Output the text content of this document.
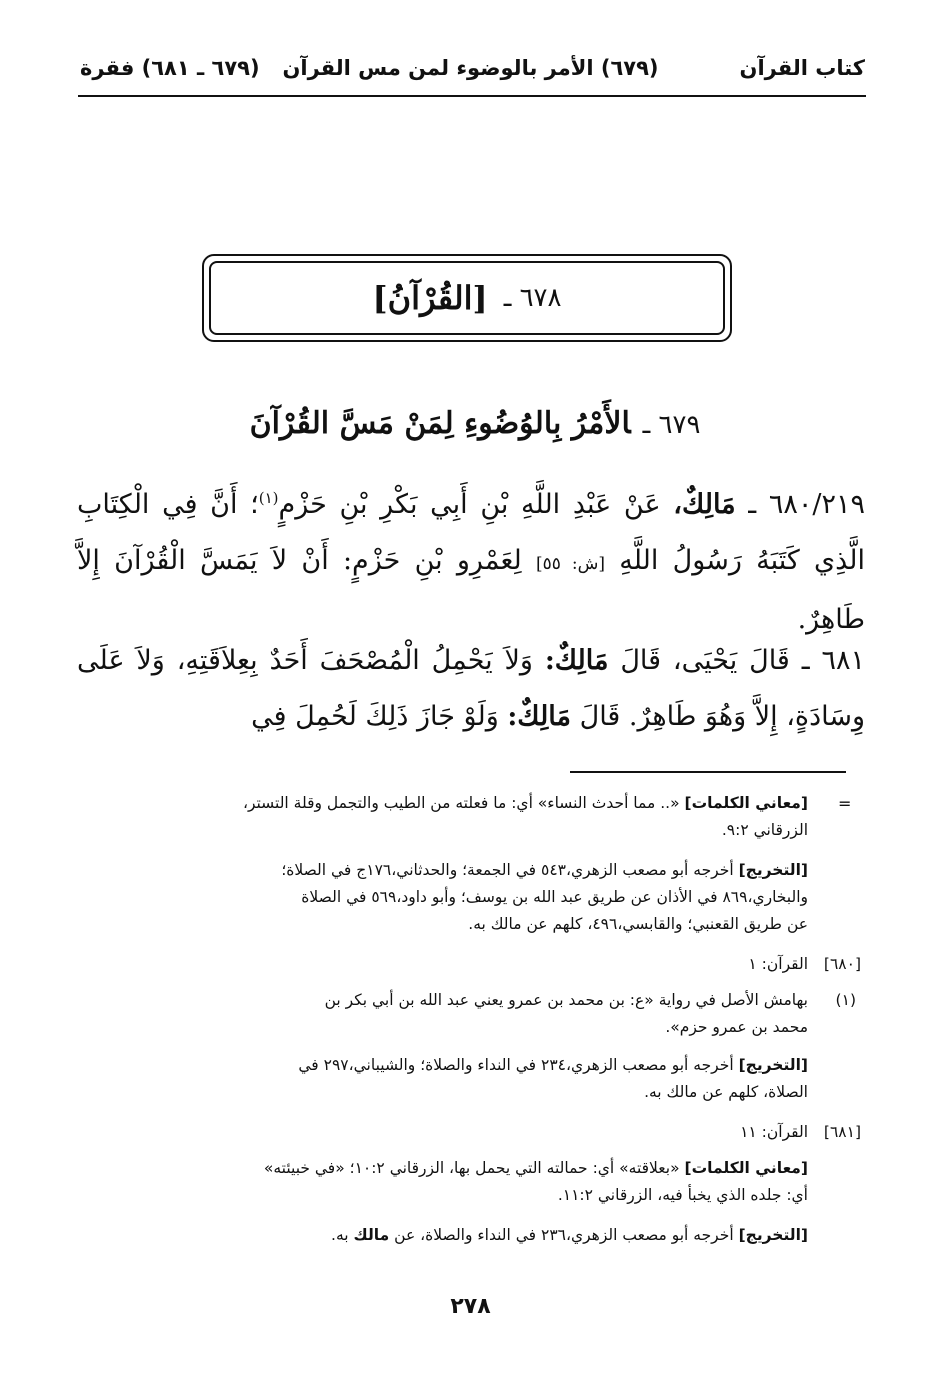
كتاب القرآن
(٦٧٩) الأمر بالوضوء لمن مس القرآن
(٦٧٩ ـ ٦٨١) فقرة
٦٧٨ ـ
[القُرْآنُ]
٦٧٩ ـالأَمْرُ بِالوُضُوءِ لِمَنْ مَسَّ القُرْآنَ
٦٨٠/٢١٩ ـ مَالِكٌ، عَنْ عَبْدِ اللَّهِ بْنِ أَبِي بَكْرِ بْنِ حَزْمٍ$^{(١)}$؛ أَنَّ فِي الْكِتَابِ الَّذِي كَتَبَهُ رَسُولُ اللَّهِ [ش: ٥٥] لِعَمْرِو بْنِ حَزْمٍ: أَنْ لاَ يَمَسَّ الْقُرْآنَ إِلاَّ طَاهِرٌ.
٦٨١ ـ قَالَ يَحْيَى، قَالَ مَالِكٌ: وَلاَ يَحْمِلُ الْمُصْحَفَ أَحَدٌ بِعِلاَقَتِهِ، وَلاَ عَلَى وِسَادَةٍ، إِلاَّ وَهُوَ طَاهِرٌ. قَالَ مَالِكٌ: وَلَوْ جَازَ ذَلِكَ لَحُمِلَ فِي
=
[معاني الكلمات] «.. مما أحدث النساء» أي: ما فعلته من الطيب والتجمل وقلة التستر،
الزرقاني ٩:٢.
[التخريج] أخرجه أبو مصعب الزهري،٥٤٣ في الجمعة؛ والحدثاني،١٧٦ج في الصلاة؛
والبخاري،٨٦٩ في الأذان عن طريق عبد الله بن يوسف؛ وأبو داود،٥٦٩ في الصلاة
عن طريق القعنبي؛ والقابسي،٤٩٦، كلهم عن مالك به.
[٦٨٠]
القرآن: ١
(١)
بهامش الأصل في رواية «ع: بن محمد بن عمرو يعني عبد الله بن أبي بكر بن
محمد بن عمرو حزم».
[التخريج] أخرجه أبو مصعب الزهري،٢٣٤ في النداء والصلاة؛ والشيباني،٢٩٧ في
الصلاة، كلهم عن مالك به.
[٦٨١]
القرآن: ١١
[معاني الكلمات] «بعلاقته» أي: حمالته التي يحمل بها، الزرقاني ١٠:٢؛ «في خبيئته»
أي: جلده الذي يخبأ فيه، الزرقاني ١١:٢.
[التخريج] أخرجه أبو مصعب الزهري،٢٣٦ في النداء والصلاة، عن مالك به.
٢٧٨
